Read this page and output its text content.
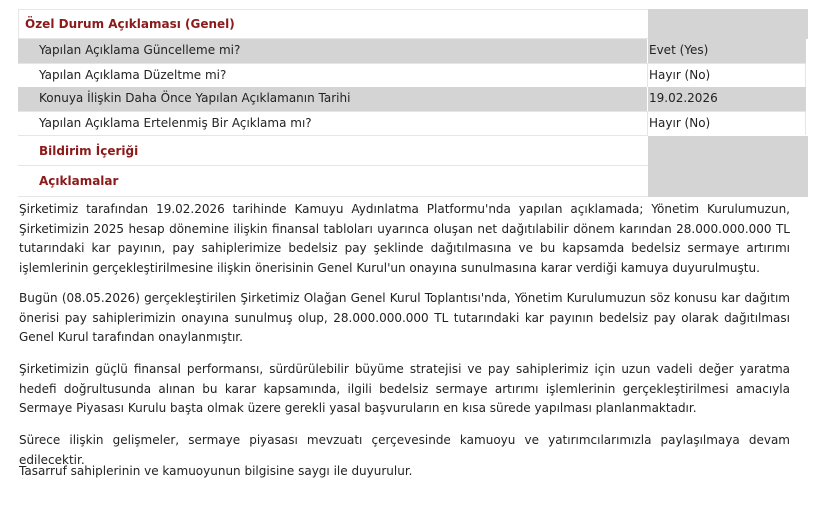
Özel Durum Açıklaması (Genel)
Yapılan Açıklama Güncelleme mi?	Evet (Yes)
Yapılan Açıklama Düzeltme mi?	Hayır (No)
Konuya İlişkin Daha Önce Yapılan Açıklamanın Tarihi	19.02.2026
Yapılan Açıklama Ertelenmiş Bir Açıklama mı?	Hayır (No)
Bildirim İçeriği
Açıklamalar

Şirketimiz tarafından 19.02.2026 tarihinde Kamuyu Aydınlatma Platformu'nda yapılan açıklamada; Yönetim Kurulumuzun, Şirketimizin 2025 hesap dönemine ilişkin finansal tabloları uyarınca oluşan net dağıtılabilir dönem karından 28.000.000.000 TL tutarındaki kar payının, pay sahiplerimize bedelsiz pay şeklinde dağıtılmasına ve bu kapsamda bedelsiz sermaye artırımı işlemlerinin gerçekleştirilmesine ilişkin önerisinin Genel Kurul'un onayına sunulmasına karar verdiği kamuya duyurulmuştu.

Bugün (08.05.2026) gerçekleştirilen Şirketimiz Olağan Genel Kurul Toplantısı'nda, Yönetim Kurulumuzun söz konusu kar dağıtım önerisi pay sahiplerimizin onayına sunulmuş olup, 28.000.000.000 TL tutarındaki kar payının bedelsiz pay olarak dağıtılması Genel Kurul tarafından onaylanmıştır.

Şirketimizin güçlü finansal performansı, sürdürülebilir büyüme stratejisi ve pay sahiplerimiz için uzun vadeli değer yaratma hedefi doğrultusunda alınan bu karar kapsamında, ilgili bedelsiz sermaye artırımı işlemlerinin gerçekleştirilmesi amacıyla Sermaye Piyasası Kurulu başta olmak üzere gerekli yasal başvuruların en kısa sürede yapılması planlanmaktadır.

Sürece ilişkin gelişmeler, sermaye piyasası mevzuatı çerçevesinde kamuoyu ve yatırımcılarımızla paylaşılmaya devam edilecektir.

Tasarruf sahiplerinin ve kamuoyunun bilgisine saygı ile duyurulur.
